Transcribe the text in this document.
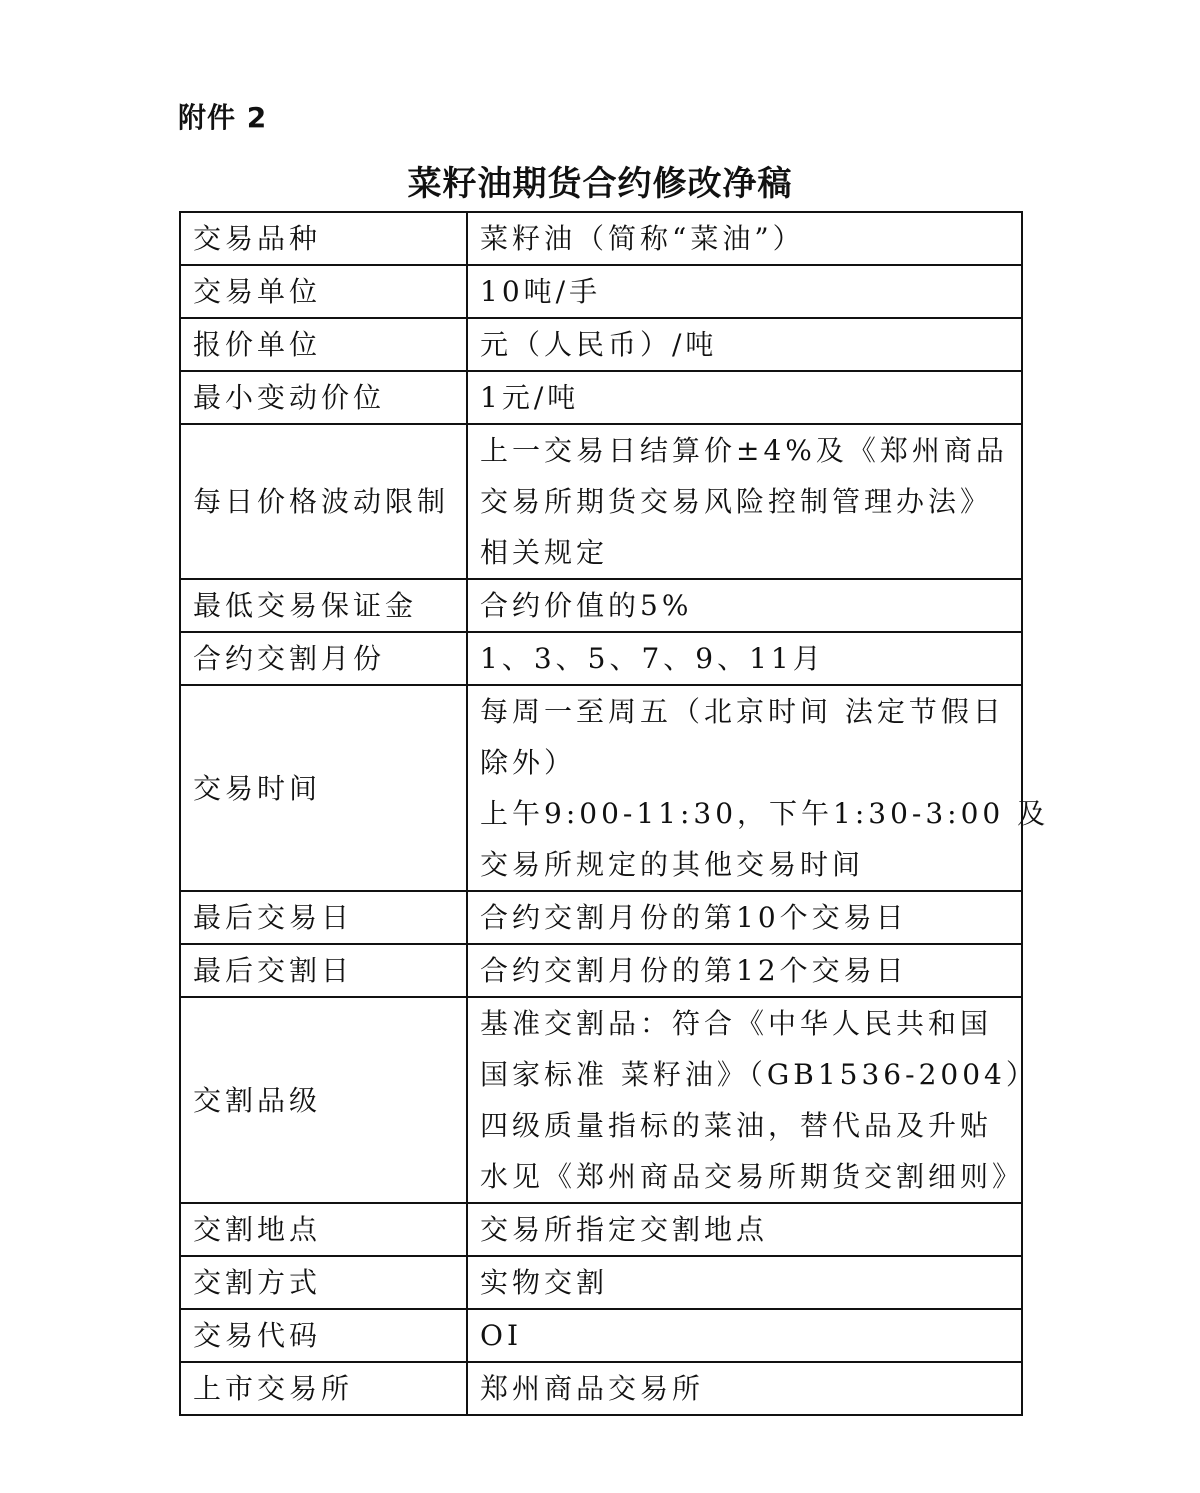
附件 2
菜籽油期货合约修改净稿
交易品种	菜籽油（简称“菜油”）

交易单位	10吨/手

报价单位	元（人民币）/吨

最小变动价位	1元/吨

每日价格波动限制	上一交易日结算价±4%及《郑州商品
交易所期货交易风险控制管理办法》
相关规定

最低交易保证金	合约价值的5%

合约交割月份	1、3、5、7、9、11月

交易时间	每周一至周五（北京时间 法定节假日
除外）
上午9:00-11:30，下午1:30-3:00 及
交易所规定的其他交易时间

最后交易日	合约交割月份的第10个交易日

最后交割日	合约交割月份的第12个交易日

交割品级	基准交割品：符合《中华人民共和国
国家标准 菜籽油》（GB1536-2004）
四级质量指标的菜油，替代品及升贴
水见《郑州商品交易所期货交割细则》

交割地点	交易所指定交割地点

交割方式	实物交割

交易代码	OI

上市交易所	郑州商品交易所
